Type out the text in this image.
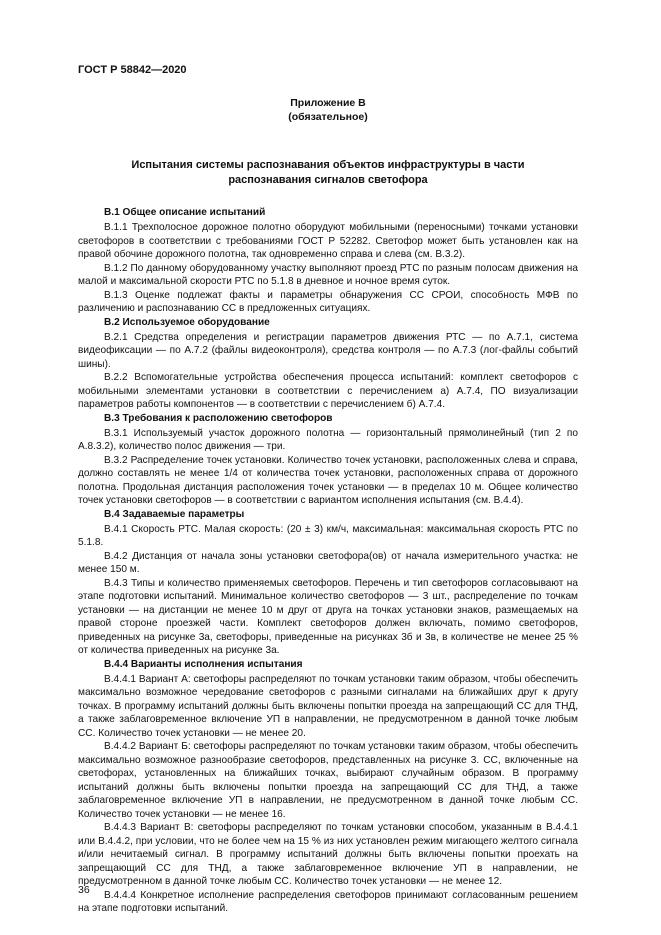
ГОСТ Р 58842—2020
Приложение В
(обязательное)
Испытания системы распознавания объектов инфраструктуры в части
распознавания сигналов светофора
В.1 Общее описание испытаний

В.1.1 Трехполосное дорожное полотно оборудуют мобильными (переносными) точками установки светофоров в соответствии с требованиями ГОСТ Р 52282. Светофор может быть установлен как на правой обочине дорожного полотна, так одновременно справа и слева (см. В.3.2).

В.1.2 По данному оборудованному участку выполняют проезд РТС по разным полосам движения на малой и максимальной скорости РТС по 5.1.8 в дневное и ночное время суток.

В.1.3 Оценке подлежат факты и параметры обнаружения СС СРОИ, способность МФВ по различению и распознаванию СС в предложенных ситуациях.

В.2 Используемое оборудование

В.2.1 Средства определения и регистрации параметров движения РТС — по А.7.1, система видеофиксации — по А.7.2 (файлы видеоконтроля), средства контроля — по А.7.3 (лог-файлы событий шины).

В.2.2 Вспомогательные устройства обеспечения процесса испытаний: комплект светофоров с мобильными элементами установки в соответствии с перечислением а) А.7.4, ПО визуализации параметров работы компонентов — в соответствии с перечислением б) А.7.4.

В.3 Требования к расположению светофоров

В.3.1 Используемый участок дорожного полотна — горизонтальный прямолинейный (тип 2 по А.8.3.2), количество полос движения — три.

В.3.2 Распределение точек установки. Количество точек установки, расположенных слева и справа, должно составлять не менее 1/4 от количества точек установки, расположенных справа от дорожного полотна. Продольная дистанция расположения точек установки — в пределах 10 м. Общее количество точек установки светофоров — в соответствии с вариантом исполнения испытания (см. В.4.4).

В.4 Задаваемые параметры

В.4.1 Скорость РТС. Малая скорость: (20 ± 3) км/ч, максимальная: максимальная скорость РТС по 5.1.8.

В.4.2 Дистанция от начала зоны установки светофора(ов) от начала измерительного участка: не менее 150 м.

В.4.3 Типы и количество применяемых светофоров. Перечень и тип светофоров согласовывают на этапе подготовки испытаний. Минимальное количество светофоров — 3 шт., распределение по точкам установки — на дистанции не менее 10 м друг от друга на точках установки знаков, размещаемых на правой стороне проезжей части. Комплект светофоров должен включать, помимо светофоров, приведенных на рисунке 3а, светофоры, приведенные на рисунках 3б и 3в, в количестве не менее 25 % от количества приведенных на рисунке 3а.

В.4.4 Варианты исполнения испытания

В.4.4.1 Вариант А: светофоры распределяют по точкам установки таким образом, чтобы обеспечить максимально возможное чередование светофоров с разными сигналами на ближайших друг к другу точках. В программу испытаний должны быть включены попытки проезда на запрещающий СС для ТНД, а также заблаговременное включение УП в направлении, не предусмотренном в данной точке любым СС. Количество точек установки — не менее 20.

В.4.4.2 Вариант Б: светофоры распределяют по точкам установки таким образом, чтобы обеспечить максимально возможное разнообразие светофоров, представленных на рисунке 3. СС, включенные на светофорах, установленных на ближайших точках, выбирают случайным образом. В программу испытаний должны быть включены попытки проезда на запрещающий СС для ТНД, а также заблаговременное включение УП в направлении, не предусмотренном в данной точке любым СС. Количество точек установки — не менее 16.

В.4.4.3 Вариант В: светофоры распределяют по точкам установки способом, указанным в В.4.4.1 или В.4.4.2, при условии, что не более чем на 15 % из них установлен режим мигающего желтого сигнала и/или нечитаемый сигнал. В программу испытаний должны быть включены попытки проехать на запрещающий СС для ТНД, а также заблаговременное включение УП в направлении, не предусмотренном в данной точке любым СС. Количество точек установки — не менее 12.

В.4.4.4 Конкретное исполнение распределения светофоров принимают согласованным решением на этапе подготовки испытаний.

36
